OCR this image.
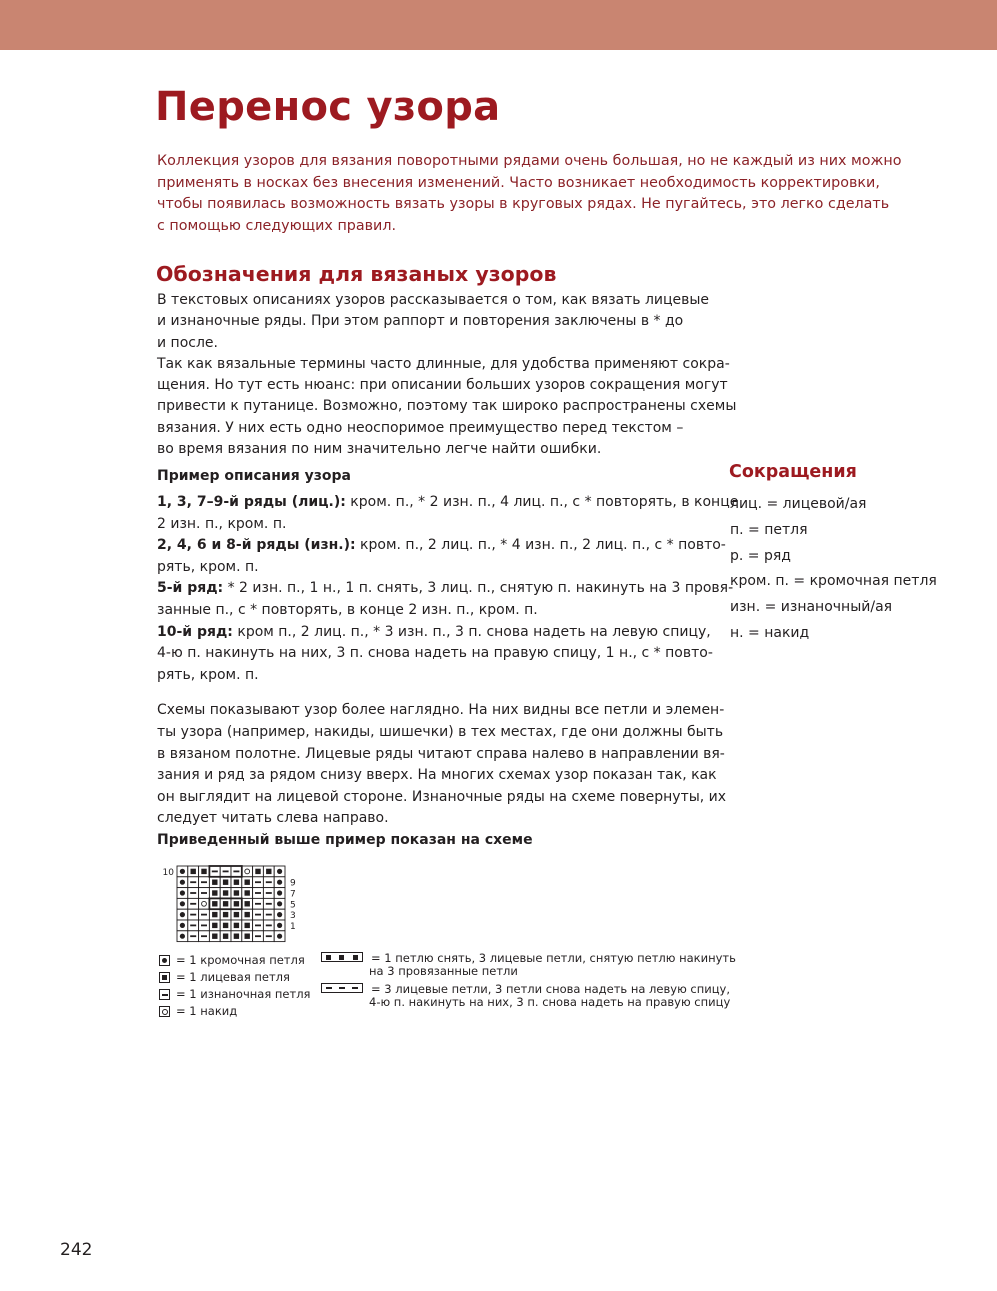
Перенос узора
Коллекция узоров для вязания поворотными рядами очень большая, но не каждый из них можно
применять в носках без внесения изменений. Часто возникает необходимость корректировки,
чтобы появилась возможность вязать узоры в круговых рядах. Не пугайтесь, это легко сделать
с помощью следующих правил.
Обозначения для вязаных узоров
В текстовых описаниях узоров рассказывается о том, как вязать лицевые
и изнаночные ряды. При этом раппорт и повторения заключены в * до
и после.
Так как вязальные термины часто длинные, для удобства применяют сокра-
щения. Но тут есть нюанс: при описании больших узоров сокращения могут
привести к путанице. Возможно, поэтому так широко распространены схемы
вязания. У них есть одно неоспоримое преимущество перед текстом –
во время вязания по ним значительно легче найти ошибки.
Пример описания узора
1, 3, 7–9-й ряды (лиц.): кром. п., * 2 изн. п., 4 лиц. п., с * повторять, в конце
2 изн. п., кром. п.
2, 4, 6 и 8-й ряды (изн.): кром. п., 2 лиц. п., * 4 изн. п., 2 лиц. п., с * повто-
рять, кром. п.
5-й ряд: * 2 изн. п., 1 н., 1 п. снять, 3 лиц. п., снятую п. накинуть на 3 провя-
занные п., с * повторять, в конце 2 изн. п., кром. п.
10-й ряд: кром п., 2 лиц. п., * 3 изн. п., 3 п. снова надеть на левую спицу,
4-ю п. накинуть на них, 3 п. снова надеть на правую спицу, 1 н., с * повто-
рять, кром. п.
Схемы показывают узор более наглядно. На них видны все петли и элемен-
ты узора (например, накиды, шишечки) в тех местах, где они должны быть
в вязаном полотне. Лицевые ряды читают справа налево в направлении вя-
зания и ряд за рядом снизу вверх. На многих схемах узор показан так, как
он выглядит на лицевой стороне. Изнаночные ряды на схеме повернуты, их
следует читать слева направо.
Приведенный выше пример показан на схеме
Сокращения
лиц. = лицевой/ая
п. = петля
р. = ряд
кром. п. = кромочная петля
изн. = изнаночный/ая
н. = накид
10
9
7
5
3
1
= 1 кромочная петля
= 1 лицевая петля
= 1 изнаночная петля
= 1 накид
= 1 петлю снять, 3 лицевые петли, снятую петлю накинуть
на 3 провязанные петли
= 3 лицевые петли, 3 петли снова надеть на левую спицу,
4-ю п. накинуть на них, 3 п. снова надеть на правую спицу
242
